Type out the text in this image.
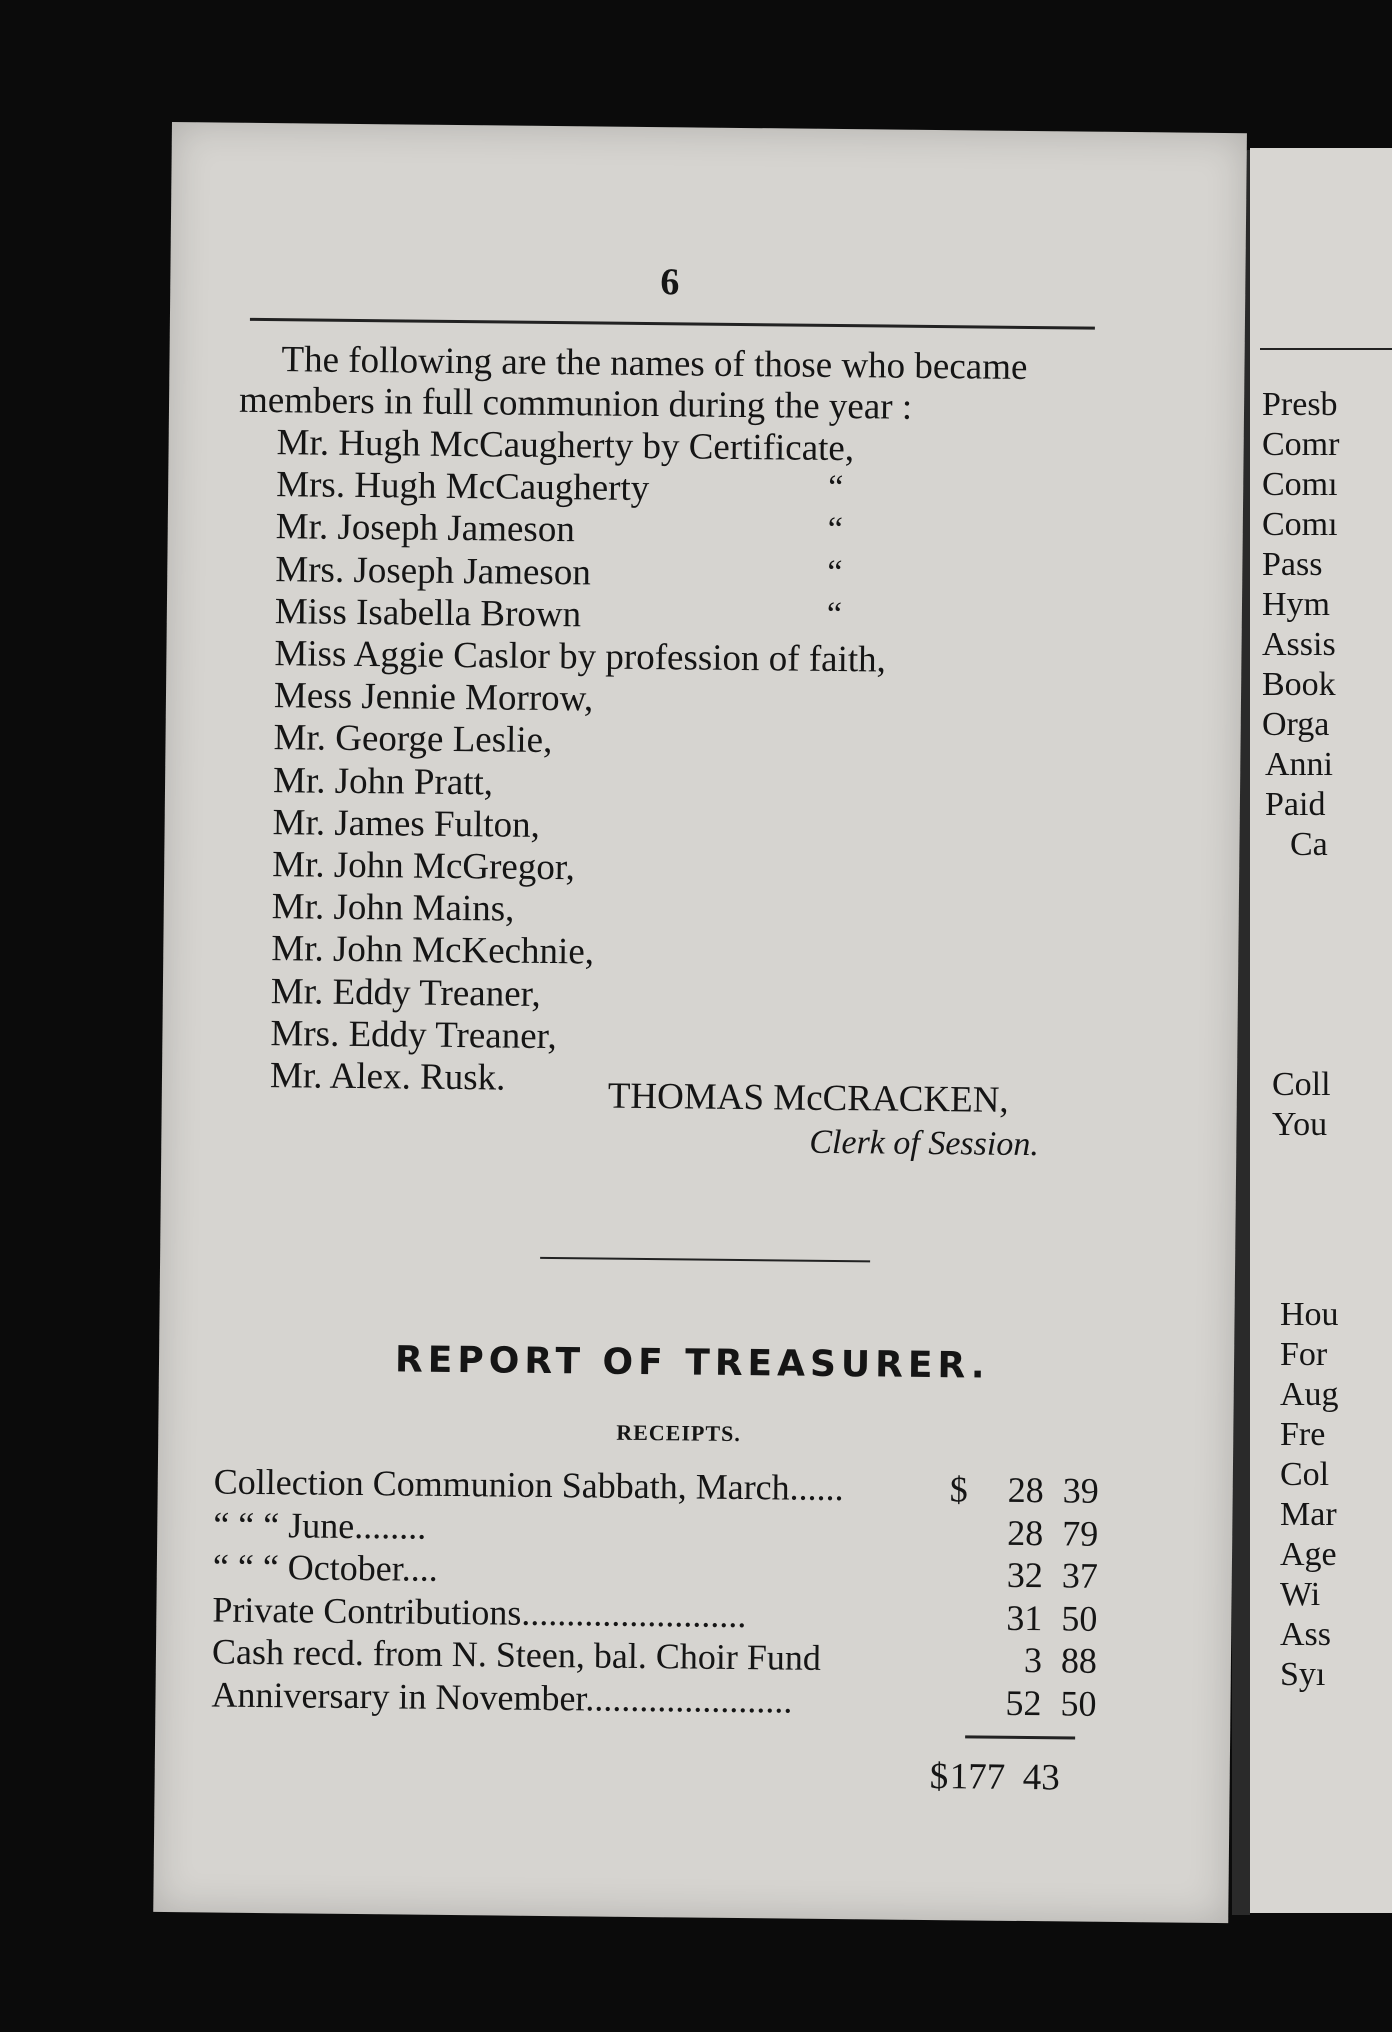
Presb
Comr
Comı
Comı
Pass
Hym
Assis
Book
Orga
Anni
Paid
Ca
Coll
You
Hou
For
Aug
Fre
Col
Mar
Age
Wi
Ass
Syı
6
The following are the names of those who became
members in full communion during the year :
Mr. Hugh McCaugherty by Certificate,
Mrs. Hugh McCaugherty	“
Mr. Joseph Jameson	“
Mrs. Joseph Jameson	“
Miss Isabella Brown	“
Miss Aggie Caslor by profession of faith,
Mess Jennie Morrow,
Mr. George Leslie,
Mr. John Pratt,
Mr. James Fulton,
Mr. John McGregor,
Mr. John Mains,
Mr. John McKechnie,
Mr. Eddy Treaner,
Mrs. Eddy Treaner,
Mr. Alex. Rusk.	THOMAS McCRACKEN,
Clerk of Session.
REPORT OF TREASURER.
RECEIPTS.
Collection Communion Sabbath, March......	$	28 39
“ “ “ June........	28 79
“ “ “ October....	32 37
Private Contributions.........................	31 50
Cash recd. from N. Steen, bal. Choir Fund	3 88
Anniversary in November.......................	52 50
$ 177 43
